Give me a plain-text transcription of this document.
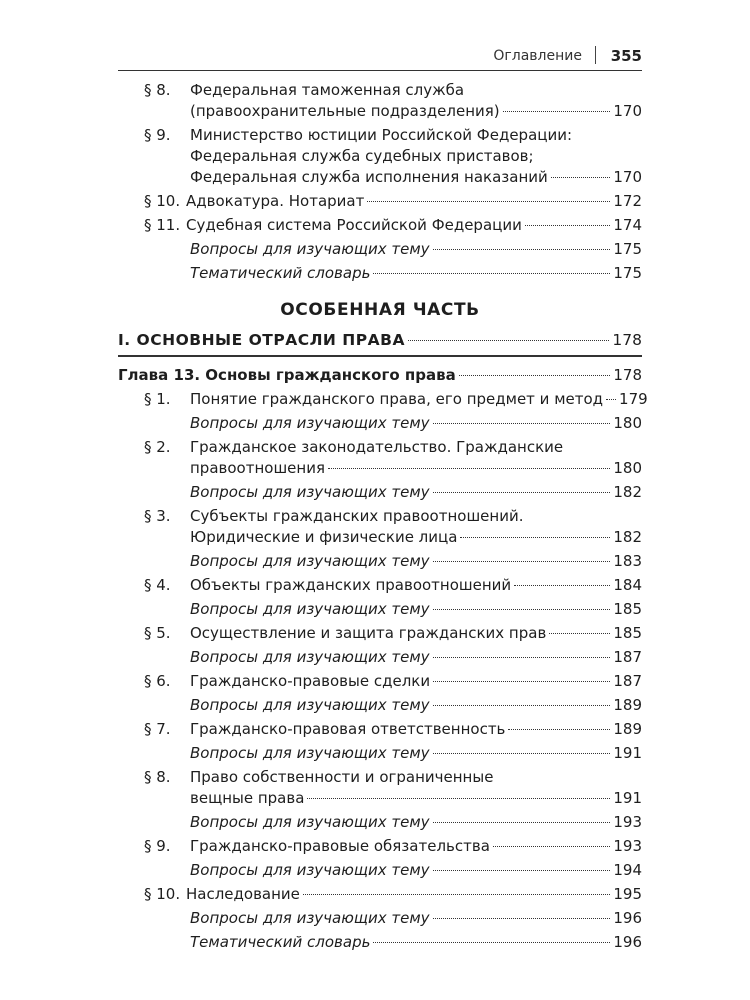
Оглавление 355
§ 8. Федеральная таможенная служба
(правоохранительные подразделения)	170
§ 9. Министерство юстиции Российской Федерации:
Федеральная служба судебных приставов;
Федеральная служба исполнения наказаний	170
§ 10. Адвокатура. Нотариат	172
§ 11. Судебная система Российской Федерации	174
Вопросы для изучающих тему	175
Тематический словарь	175
ОСОБЕННАЯ ЧАСТЬ
I. ОСНОВНЫЕ ОТРАСЛИ ПРАВА	178
Глава 13. Основы гражданского права	178
§ 1. Понятие гражданского права, его предмет и метод 179
Вопросы для изучающих тему	180
§ 2. Гражданское законодательство. Гражданские
правоотношения	180
Вопросы для изучающих тему	182
§ 3. Субъекты гражданских правоотношений.
Юридические и физические лица	182
Вопросы для изучающих тему	183
§ 4. Объекты гражданских правоотношений	184
Вопросы для изучающих тему	185
§ 5. Осуществление и защита гражданских прав	185
Вопросы для изучающих тему	187
§ 6. Гражданско-правовые сделки	187
Вопросы для изучающих тему	189
§ 7. Гражданско-правовая ответственность	189
Вопросы для изучающих тему	191
§ 8. Право собственности и ограниченные
вещные права	191
Вопросы для изучающих тему	193
§ 9. Гражданско-правовые обязательства	193
Вопросы для изучающих тему	194
§ 10. Наследование	195
Вопросы для изучающих тему	196
Тематический словарь	196
